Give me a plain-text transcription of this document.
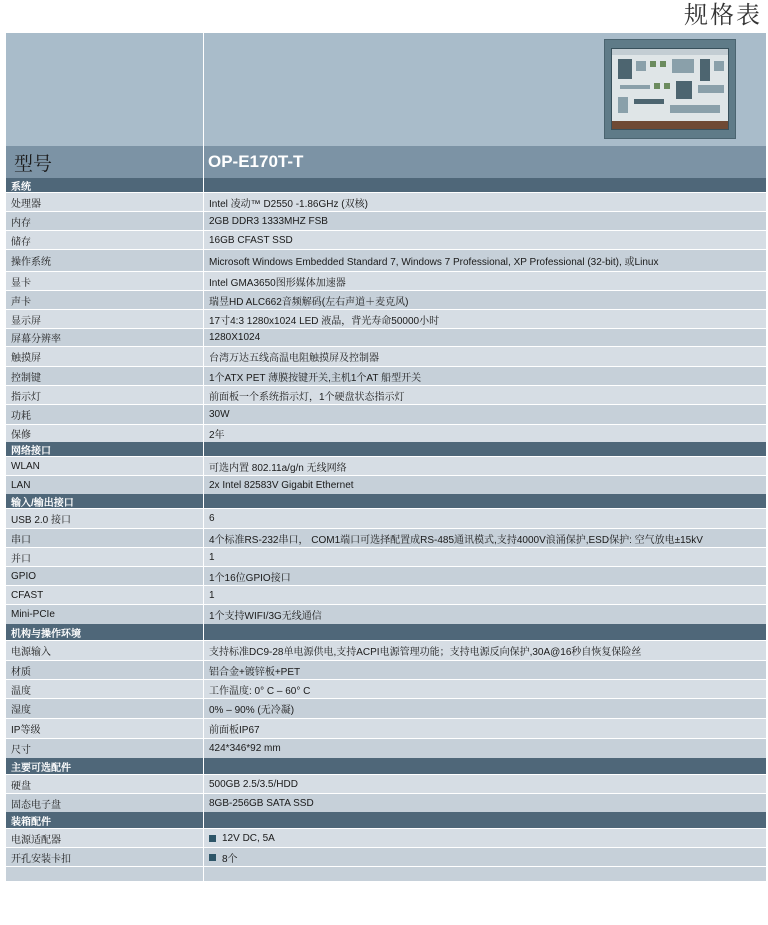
规格表
型号	OP-E170T-T
系统
处理器	Intel 凌动™ D2550 -1.86GHz (双核)
内存	2GB DDR3 1333MHZ FSB
储存	16GB CFAST SSD
操作系统	Microsoft Windows Embedded Standard 7, Windows 7 Professional, XP Professional (32-bit), 或Linux
显卡	Intel GMA3650图形媒体加速器
声卡	瑞昱HD ALC662音频解码(左右声道＋麦克风)
显示屏	17寸4:3 1280x1024 LED 液晶，背光寿命50000小时
屏幕分辨率	1280X1024
触摸屏	台湾万达五线高温电阻触摸屏及控制器
控制键	1个ATX PET 薄膜按键开关,主机1个AT 船型开关
指示灯	前面板一个系统指示灯，1个硬盘状态指示灯
功耗	30W
保修	2年
网络接口
WLAN	可选内置 802.11a/g/n 无线网络
LAN	2x Intel 82583V Gigabit Ethernet
输入/输出接口
USB 2.0 接口	6
串口	4个标准RS-232串口， COM1端口可选择配置成RS-485通讯模式,支持4000V浪涌保护,ESD保护: 空气放电±15kV
并口	1
GPIO	1个16位GPIO接口
CFAST	1
Mini-PCIe	1个支持WIFI/3G无线通信
机构与操作环境
电源输入	支持标准DC9-28单电源供电,支持ACPI电源管理功能；支持电源反向保护,30A@16秒自恢复保险丝
材质	铝合金+镀锌板+PET
温度	工作温度: 0° C – 60° C
湿度	0% – 90% (无冷凝)
IP等级	前面板IP67
尺寸	424*346*92 mm
主要可选配件
硬盘	500GB 2.5/3.5/HDD
固态电子盘	8GB-256GB SATA SSD
装箱配件
电源适配器	12V DC, 5A
开孔安装卡扣	8个
